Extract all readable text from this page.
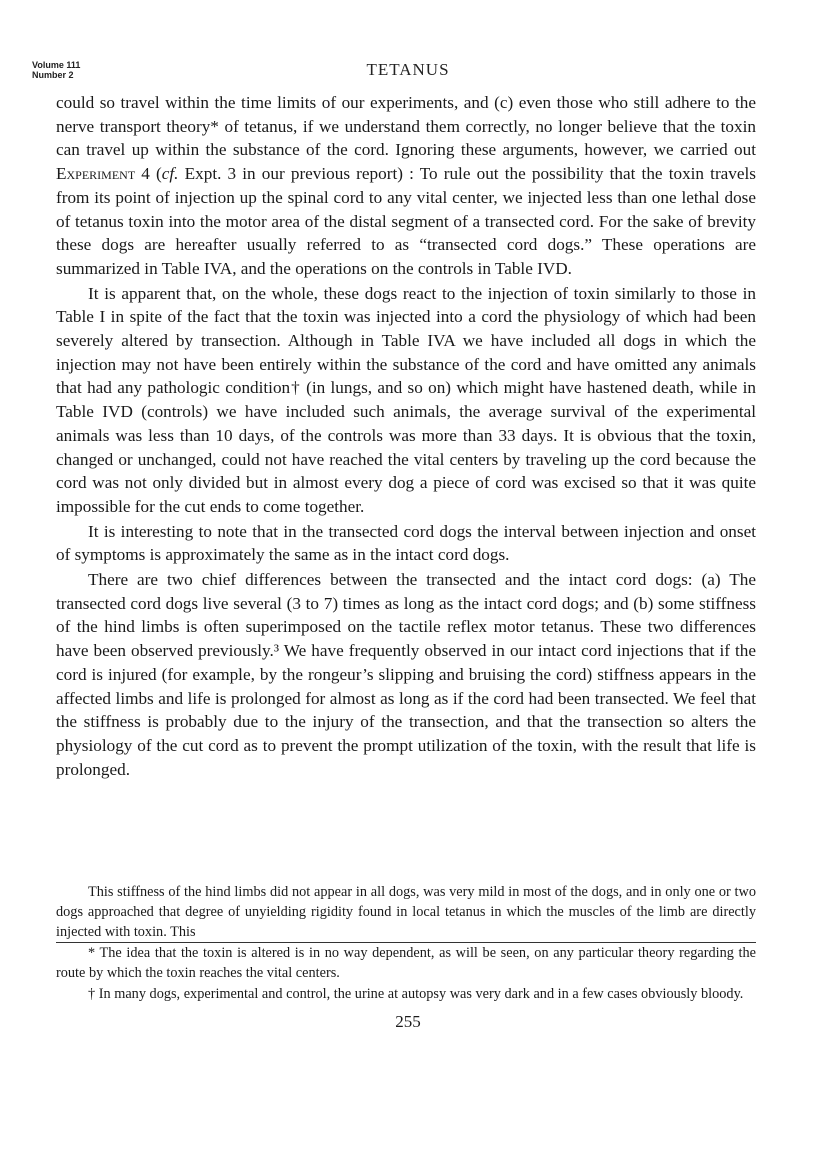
Volume 111
Number 2	TETANUS

could so travel within the time limits of our experiments, and (c) even those who still adhere to the nerve transport theory* of tetanus, if we understand them correctly, no longer believe that the toxin can travel up within the substance of the cord. Ignoring these arguments, however, we carried out Experiment 4 (cf. Expt. 3 in our previous report) : To rule out the possibility that the toxin travels from its point of injection up the spinal cord to any vital center, we injected less than one lethal dose of tetanus toxin into the motor area of the distal segment of a transected cord. For the sake of brevity these dogs are hereafter usually referred to as “transected cord dogs.” These operations are summarized in Table IVA, and the operations on the controls in Table IVD.

It is apparent that, on the whole, these dogs react to the injection of toxin similarly to those in Table I in spite of the fact that the toxin was injected into a cord the physiology of which had been severely altered by transection. Although in Table IVA we have included all dogs in which the injection may not have been entirely within the substance of the cord and have omitted any animals that had any pathologic condition† (in lungs, and so on) which might have hastened death, while in Table IVD (controls) we have included such animals, the average survival of the experimental animals was less than 10 days, of the controls was more than 33 days. It is obvious that the toxin, changed or unchanged, could not have reached the vital centers by traveling up the cord because the cord was not only divided but in almost every dog a piece of cord was excised so that it was quite impossible for the cut ends to come together.

It is interesting to note that in the transected cord dogs the interval between injection and onset of symptoms is approximately the same as in the intact cord dogs.

There are two chief differences between the transected and the intact cord dogs: (a) The transected cord dogs live several (3 to 7) times as long as the intact cord dogs; and (b) some stiffness of the hind limbs is often superimposed on the tactile reflex motor tetanus. These two differences have been observed previously.³ We have frequently observed in our intact cord injections that if the cord is injured (for example, by the rongeur’s slipping and bruising the cord) stiffness appears in the affected limbs and life is prolonged for almost as long as if the cord had been transected. We feel that the stiffness is probably due to the injury of the transection, and that the transection so alters the physiology of the cut cord as to prevent the prompt utilization of the toxin, with the result that life is prolonged.

This stiffness of the hind limbs did not appear in all dogs, was very mild in most of the dogs, and in only one or two dogs approached that degree of unyielding rigidity found in local tetanus in which the muscles of the limb are directly injected with toxin. This

* The idea that the toxin is altered is in no way dependent, as will be seen, on any particular theory regarding the route by which the toxin reaches the vital centers.

† In many dogs, experimental and control, the urine at autopsy was very dark and in a few cases obviously bloody.

255
